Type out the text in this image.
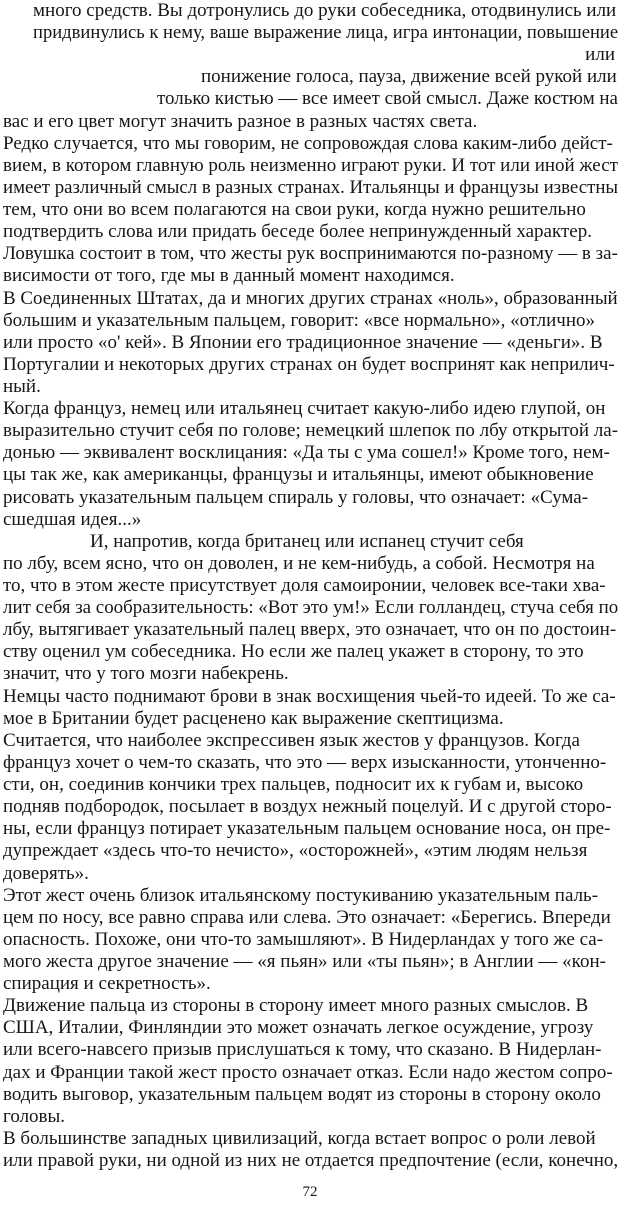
много средств. Вы дотронулись до руки собеседника, отодвинулись или
придвинулись к нему, ваше выражение лица, игра интонации, повышение
или
понижение голоса, пауза, движение всей рукой или
только кистью — все имеет свой смысл. Даже костюм на
вас и его цвет могут значить разное в разных частях света.
Редко случается, что мы говорим, не сопровождая слова каким-либо дейст-
вием, в котором главную роль неизменно играют руки. И тот или иной жест
имеет различный смысл в разных странах. Итальянцы и французы известны
тем, что они во всем полагаются на свои руки, когда нужно решительно
подтвердить слова или придать беседе более непринужденный характер.
Ловушка состоит в том, что жесты рук воспринимаются по-разному — в за-
висимости от того, где мы в данный момент находимся.
В Соединенных Штатах, да и многих других странах «ноль», образованный
большим и указательным пальцем, говорит: «все нормально», «отлично»
или просто «о' кей». В Японии его традиционное значение — «деньги». В
Португалии и некоторых других странах он будет воспринят как неприлич-
ный.
Когда француз, немец или итальянец считает какую-либо идею глупой, он
выразительно стучит себя по голове; немецкий шлепок по лбу открытой ла-
донью — эквивалент восклицания: «Да ты с ума сошел!» Кроме того, нем-
цы так же, как американцы, французы и итальянцы, имеют обыкновение
рисовать указательным пальцем спираль у головы, что означает: «Сума-
сшедшая идея...»
И, напротив, когда британец или испанец стучит себя
по лбу, всем ясно, что он доволен, и не кем-нибудь, а собой. Несмотря на
то, что в этом жесте присутствует доля самоиронии, человек все-таки хва-
лит себя за сообразительность: «Вот это ум!» Если голландец, стуча себя по
лбу, вытягивает указательный палец вверх, это означает, что он по достоин-
ству оценил ум собеседника. Но если же палец укажет в сторону, то это
значит, что у того мозги набекрень.
Немцы часто поднимают брови в знак восхищения чьей-то идеей. То же са-
мое в Британии будет расценено как выражение скептицизма.
Считается, что наиболее экспрессивен язык жестов у французов. Когда
француз хочет о чем-то сказать, что это — верх изысканности, утонченно-
сти, он, соединив кончики трех пальцев, подносит их к губам и, высоко
подняв подбородок, посылает в воздух нежный поцелуй. И с другой сторо-
ны, если француз потирает указательным пальцем основание носа, он пре-
дупреждает «здесь что-то нечисто», «осторожней», «этим людям нельзя
доверять».
Этот жест очень близок итальянскому постукиванию указательным паль-
цем по носу, все равно справа или слева. Это означает: «Берегись. Впереди
опасность. Похоже, они что-то замышляют». В Нидерландах у того же са-
мого жеста другое значение — «я пьян» или «ты пьян»; в Англии — «кон-
спирация и секретность».
Движение пальца из стороны в сторону имеет много разных смыслов. В
США, Италии, Финляндии это может означать легкое осуждение, угрозу
или всего-навсего призыв прислушаться к тому, что сказано. В Нидерлан-
дах и Франции такой жест просто означает отказ. Если надо жестом сопро-
водить выговор, указательным пальцем водят из стороны в сторону около
головы.
В большинстве западных цивилизаций, когда встает вопрос о роли левой
или правой руки, ни одной из них не отдается предпочтение (если, конечно,
72
